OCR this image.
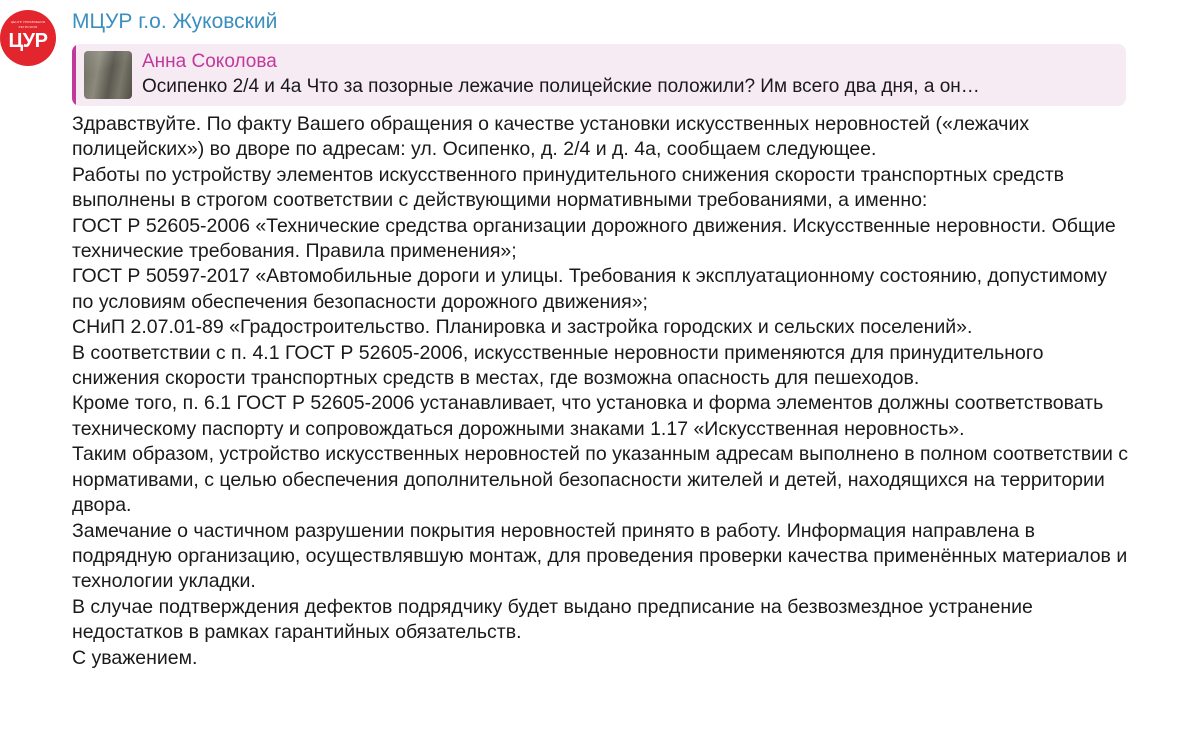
ЦЕНТР УПРАВЛЕНИЯ РЕГИОНОМ
ЦУР
МЦУР г.о. Жуковский
Анна Соколова
Осипенко 2/4 и 4а Что за позорные лежачие полицейские положили? Им всего два дня, а он…

Здравствуйте. По факту Вашего обращения о качестве установки искусственных неровностей («лежачих полицейских») во дворе по адресам: ул. Осипенко, д. 2/4 и д. 4а, сообщаем следующее.

Работы по устройству элементов искусственного принудительного снижения скорости транспортных средств выполнены в строгом соответствии с действующими нормативными требованиями, а именно:

ГОСТ Р 52605-2006 «Технические средства организации дорожного движения. Искусственные неровности. Общие технические требования. Правила применения»;

ГОСТ Р 50597-2017 «Автомобильные дороги и улицы. Требования к эксплуатационному состоянию, допустимому по условиям обеспечения безопасности дорожного движения»;

СНиП 2.07.01-89 «Градостроительство. Планировка и застройка городских и сельских поселений».

В соответствии с п. 4.1 ГОСТ Р 52605-2006, искусственные неровности применяются для принудительного снижения скорости транспортных средств в местах, где возможна опасность для пешеходов.

Кроме того, п. 6.1 ГОСТ Р 52605-2006 устанавливает, что установка и форма элементов должны соответствовать техническому паспорту и сопровождаться дорожными знаками 1.17 «Искусственная неровность».

Таким образом, устройство искусственных неровностей по указанным адресам выполнено в полном соответствии с нормативами, с целью обеспечения дополнительной безопасности жителей и детей, находящихся на территории двора.

Замечание о частичном разрушении покрытия неровностей принято в работу. Информация направлена в подрядную организацию, осуществлявшую монтаж, для проведения проверки качества применённых материалов и технологии укладки.

В случае подтверждения дефектов подрядчику будет выдано предписание на безвозмездное устранение недостатков в рамках гарантийных обязательств.

С уважением.
